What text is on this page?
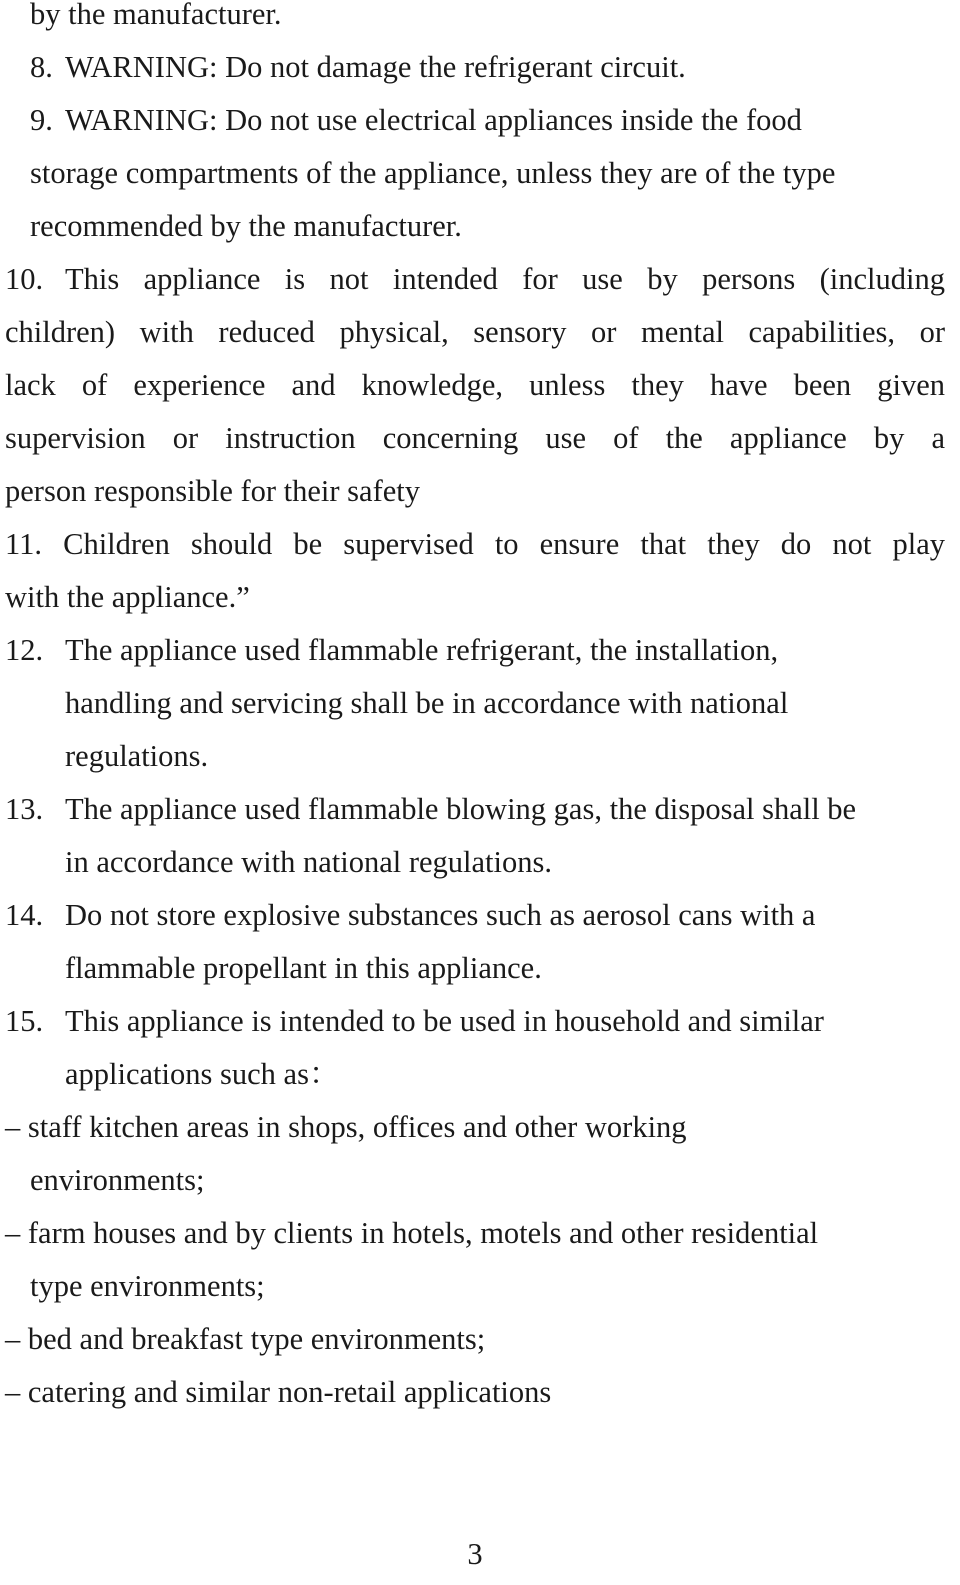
by the manufacturer.
8. WARNING: Do not damage the refrigerant circuit.
9. WARNING: Do not use electrical appliances inside the food
storage compartments of the appliance, unless they are of the type
recommended by the manufacturer.
10. This appliance is not intended for use by persons (including
children) with reduced physical, sensory or mental capabilities, or
lack of experience and knowledge, unless they have been given
supervision or instruction concerning use of the appliance by a
person responsible for their safety
11. Children should be supervised to ensure that they do not play
with the appliance.”
12. The appliance used flammable refrigerant, the installation,
handling and servicing shall be in accordance with national
regulations.
13. The appliance used flammable blowing gas, the disposal shall be
in accordance with national regulations.
14. Do not store explosive substances such as aerosol cans with a
flammable propellant in this appliance.
15. This appliance is intended to be used in household and similar
applications such as：
– staff kitchen areas in shops, offices and other working
environments;
– farm houses and by clients in hotels, motels and other residential
type environments;
– bed and breakfast type environments;
– catering and similar non-retail applications
3
